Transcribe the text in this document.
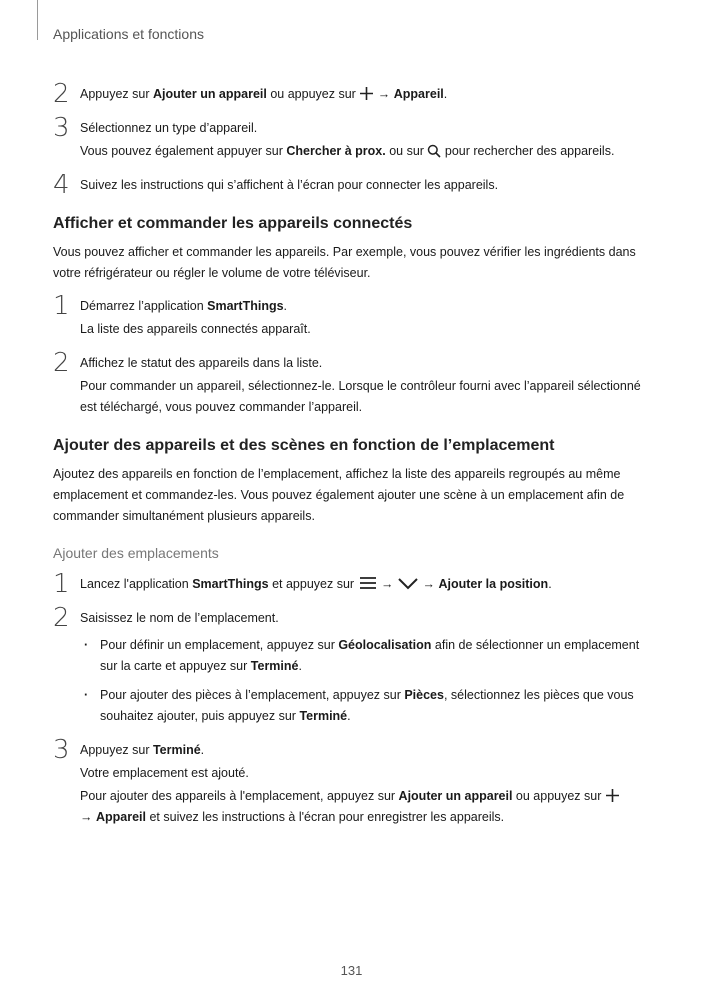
Applications et fonctions
2 Appuyez sur Ajouter un appareil ou appuyez sur  → Appareil.

3 Sélectionnez un type d’appareil.

Vous pouvez également appuyer sur Chercher à prox. ou sur  pour rechercher des appareils.

4 Suivez les instructions qui s’affichent à l’écran pour connecter les appareils.

Afficher et commander les appareils connectés

Vous pouvez afficher et commander les appareils. Par exemple, vous pouvez vérifier les ingrédients dans votre réfrigérateur ou régler le volume de votre téléviseur.

1 Démarrez l’application SmartThings.

La liste des appareils connectés apparaît.

2 Affichez le statut des appareils dans la liste.

Pour commander un appareil, sélectionnez-le. Lorsque le contrôleur fourni avec l’appareil sélectionné est téléchargé, vous pouvez commander l’appareil.

Ajouter des appareils et des scènes en fonction de l’emplacement

Ajoutez des appareils en fonction de l’emplacement, affichez la liste des appareils regroupés au même emplacement et commandez-les. Vous pouvez également ajouter une scène à un emplacement afin de commander simultanément plusieurs appareils.

Ajouter des emplacements
1 Lancez l'application SmartThings et appuyez sur  →  → Ajouter la position.

2 Saisissez le nom de l’emplacement.

· Pour définir un emplacement, appuyez sur Géolocalisation afin de sélectionner un emplacement sur la carte et appuyez sur Terminé.
· Pour ajouter des pièces à l’emplacement, appuyez sur Pièces, sélectionnez les pièces que vous souhaitez ajouter, puis appuyez sur Terminé.
3 Appuyez sur Terminé.

Votre emplacement est ajouté.

Pour ajouter des appareils à l'emplacement, appuyez sur Ajouter un appareil ou appuyez sur
→ Appareil et suivez les instructions à l'écran pour enregistrer les appareils.

131
